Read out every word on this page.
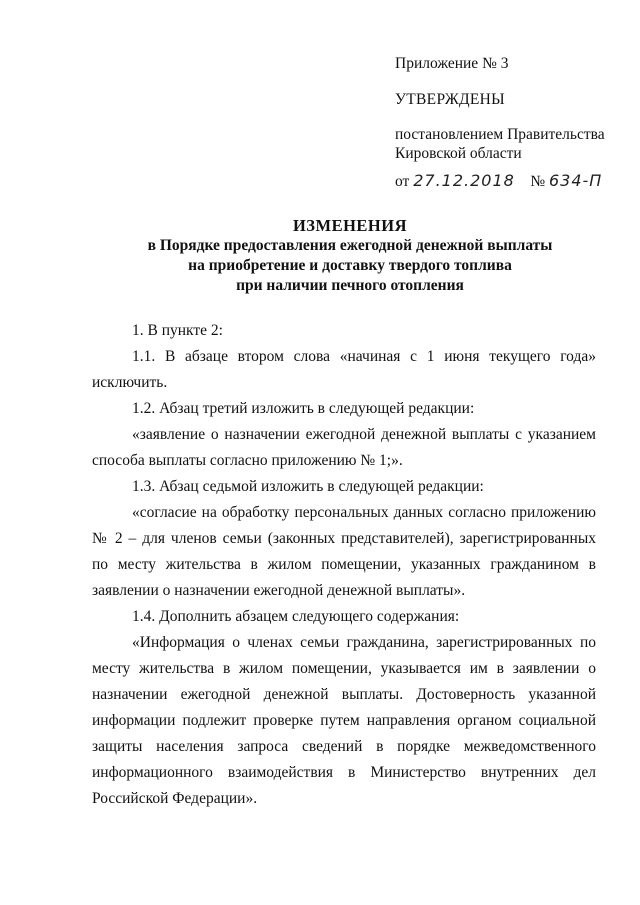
Приложение № 3
УТВЕРЖДЕНЫ
постановлением Правительства
Кировской области
от 27.12.2018 № 634-П
ИЗМЕНЕНИЯ
в Порядке предоставления ежегодной денежной выплаты
на приобретение и доставку твердого топлива
при наличии печного отопления

1. В пункте 2:

1.1. В абзаце втором слова «начиная с 1 июня текущего года» исключить.

1.2. Абзац третий изложить в следующей редакции:

«заявление о назначении ежегодной денежной выплаты с указанием способа выплаты согласно приложению № 1;».

1.3. Абзац седьмой изложить в следующей редакции:

«согласие на обработку персональных данных согласно приложению № 2 – для членов семьи (законных представителей), зарегистрированных по месту жительства в жилом помещении, указанных гражданином в заявлении о назначении ежегодной денежной выплаты».

1.4. Дополнить абзацем следующего содержания:

«Информация о членах семьи гражданина, зарегистрированных по месту жительства в жилом помещении, указывается им в заявлении о назначении ежегодной денежной выплаты. Достоверность указанной информации подлежит проверке путем направления органом социальной защиты населения запроса сведений в порядке межведомственного информационного взаимодействия в Министерство внутренних дел Российской Федерации».
